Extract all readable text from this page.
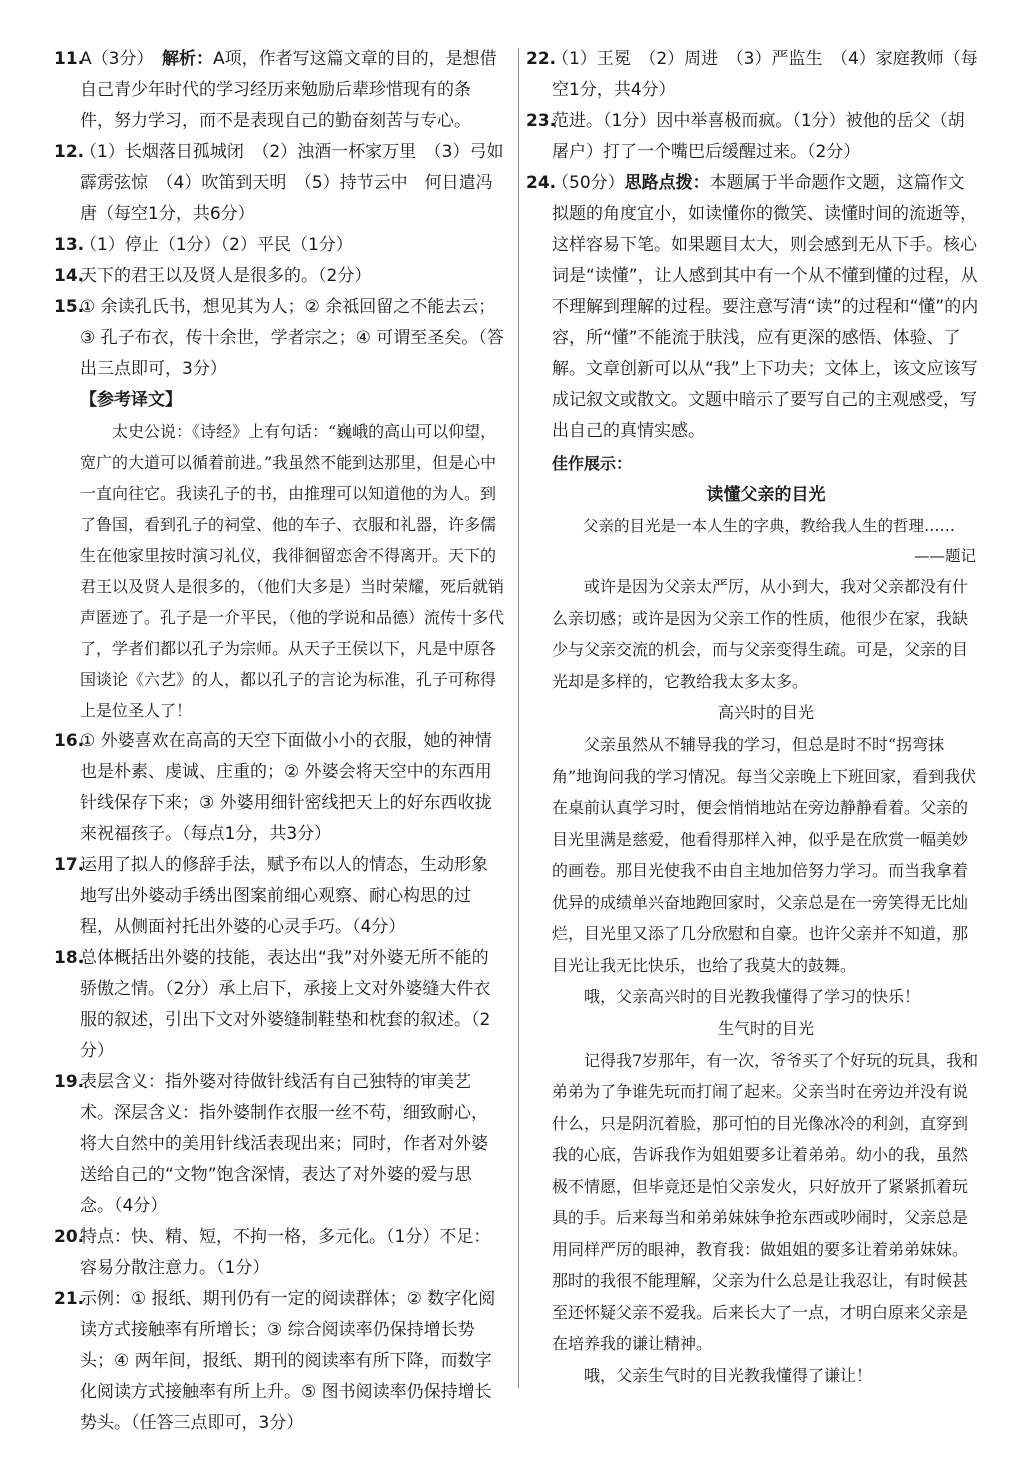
11.
A（3分）　 解析：A项，作者写这篇文章的目的，是想借自己青少年时代的学习经历来勉励后辈珍惜现有的条件，努力学习，而不是表现自己的勤奋刻苦与专心。

12.
（1）长烟落日孤城闭　（2）浊酒一杯家万里　（3）弓如霹雳弦惊　（4）吹笛到天明　（5）持节云中　何日遣冯唐（每空1分，共6分）

13.
（1）停止（1分）（2）平民（1分）

14.
天下的君王以及贤人是很多的。（2分）

15.
① 余读孔氏书，想见其为人；② 余祗回留之不能去云；③ 孔子布衣，传十余世，学者宗之；④ 可谓至圣矣。（答出三点即可，3分）

【参考译文】

太史公说：《诗经》上有句话：“巍峨的高山可以仰望，宽广的大道可以循着前进。”我虽然不能到达那里，但是心中一直向往它。我读孔子的书，由推理可以知道他的为人。到了鲁国，看到孔子的祠堂、他的车子、衣服和礼器，许多儒生在他家里按时演习礼仪，我徘徊留恋舍不得离开。天下的君王以及贤人是很多的，（他们大多是）当时荣耀，死后就销声匿迹了。孔子是一介平民，（他的学说和品德）流传十多代了，学者们都以孔子为宗师。从天子王侯以下，凡是中原各国谈论《六艺》的人，都以孔子的言论为标准，孔子可称得上是位圣人了！

16.
① 外婆喜欢在高高的天空下面做小小的衣服，她的神情也是朴素、虔诚、庄重的；② 外婆会将天空中的东西用针线保存下来；③ 外婆用细针密线把天上的好东西收拢来祝福孩子。（每点1分，共3分）

17.
运用了拟人的修辞手法，赋予布以人的情态，生动形象地写出外婆动手绣出图案前细心观察、耐心构思的过程，从侧面衬托出外婆的心灵手巧。（4分）

18.
总体概括出外婆的技能，表达出“我”对外婆无所不能的骄傲之情。（2分）承上启下，承接上文对外婆缝大件衣服的叙述，引出下文对外婆缝制鞋垫和枕套的叙述。（2分）

19.
表层含义：指外婆对待做针线活有自己独特的审美艺术。深层含义：指外婆制作衣服一丝不苟，细致耐心，将大自然中的美用针线活表现出来；同时，作者对外婆送给自己的“文物”饱含深情，表达了对外婆的爱与思念。（4分）

20.
特点：快、精、短，不拘一格，多元化。（1分）不足：容易分散注意力。（1分）

21.
示例：① 报纸、期刊仍有一定的阅读群体；② 数字化阅读方式接触率有所增长；③ 综合阅读率仍保持增长势头；④ 两年间，报纸、期刊的阅读率有所下降，而数字化阅读方式接触率有所上升。⑤ 图书阅读率仍保持增长势头。（任答三点即可，3分）

22.
（1）王冕　（2）周进　（3）严监生　（4）家庭教师（每空1分，共4分）

23.
范进。（1分）因中举喜极而疯。（1分）被他的岳父（胡屠户）打了一个嘴巴后缓醒过来。（2分）

24.
（50分）思路点拨：本题属于半命题作文题，这篇作文拟题的角度宜小，如读懂你的微笑、读懂时间的流逝等，这样容易下笔。如果题目太大，则会感到无从下手。核心词是“读懂”，让人感到其中有一个从不懂到懂的过程，从不理解到理解的过程。要注意写清“读”的过程和“懂”的内容，所“懂”不能流于肤浅，应有更深的感悟、体验、了解。文章创新可以从“我”上下功夫；文体上，该文应该写成记叙文或散文。文题中暗示了要写自己的主观感受，写出自己的真情实感。

佳作展示：

读懂父亲的目光

父亲的目光是一本人生的字典，教给我人生的哲理……

——题记

或许是因为父亲太严厉，从小到大，我对父亲都没有什么亲切感；或许是因为父亲工作的性质，他很少在家，我缺少与父亲交流的机会，而与父亲变得生疏。可是，父亲的目光却是多样的，它教给我太多太多。

高兴时的目光

父亲虽然从不辅导我的学习，但总是时不时“拐弯抹角”地询问我的学习情况。每当父亲晚上下班回家，看到我伏在桌前认真学习时，便会悄悄地站在旁边静静看着。父亲的目光里满是慈爱，他看得那样入神，似乎是在欣赏一幅美妙的画卷。那目光使我不由自主地加倍努力学习。而当我拿着优异的成绩单兴奋地跑回家时，父亲总是在一旁笑得无比灿烂，目光里又添了几分欣慰和自豪。也许父亲并不知道，那目光让我无比快乐，也给了我莫大的鼓舞。

哦，父亲高兴时的目光教我懂得了学习的快乐！

生气时的目光

记得我7岁那年，有一次，爷爷买了个好玩的玩具，我和弟弟为了争谁先玩而打闹了起来。父亲当时在旁边并没有说什么，只是阴沉着脸，那可怕的目光像冰冷的利剑，直穿到我的心底，告诉我作为姐姐要多让着弟弟。幼小的我，虽然极不情愿，但毕竟还是怕父亲发火，只好放开了紧紧抓着玩具的手。后来每当和弟弟妹妹争抢东西或吵闹时，父亲总是用同样严厉的眼神，教育我：做姐姐的要多让着弟弟妹妹。那时的我很不能理解，父亲为什么总是让我忍让，有时候甚至还怀疑父亲不爱我。后来长大了一点，才明白原来父亲是在培养我的谦让精神。

哦，父亲生气时的目光教我懂得了谦让！
